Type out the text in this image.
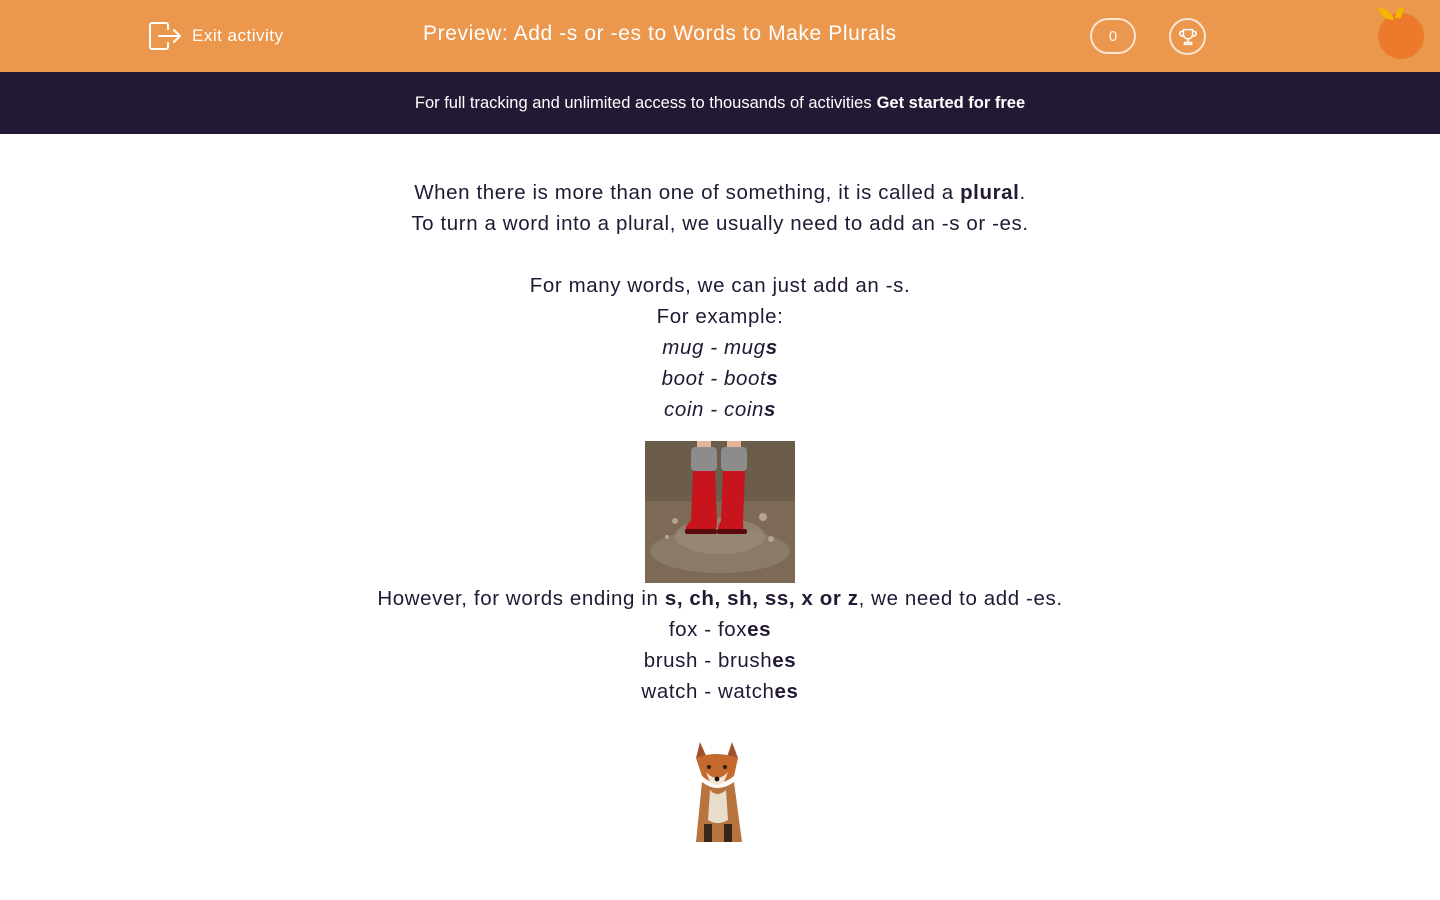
Exit activity	Preview: Add -s or -es to Words to Make Plurals	0
For full tracking and unlimited access to thousands of activities Get started for free

When there is more than one of something, it is called a plural.

To turn a word into a plural, we usually need to add an -s or -es.

For many words, we can just add an -s.

For example:

mug - mugs

boot - boots

coin - coins

However, for words ending in s, ch, sh, ss, x or z, we need to add -es.

fox - foxes

brush - brushes

watch - watches
